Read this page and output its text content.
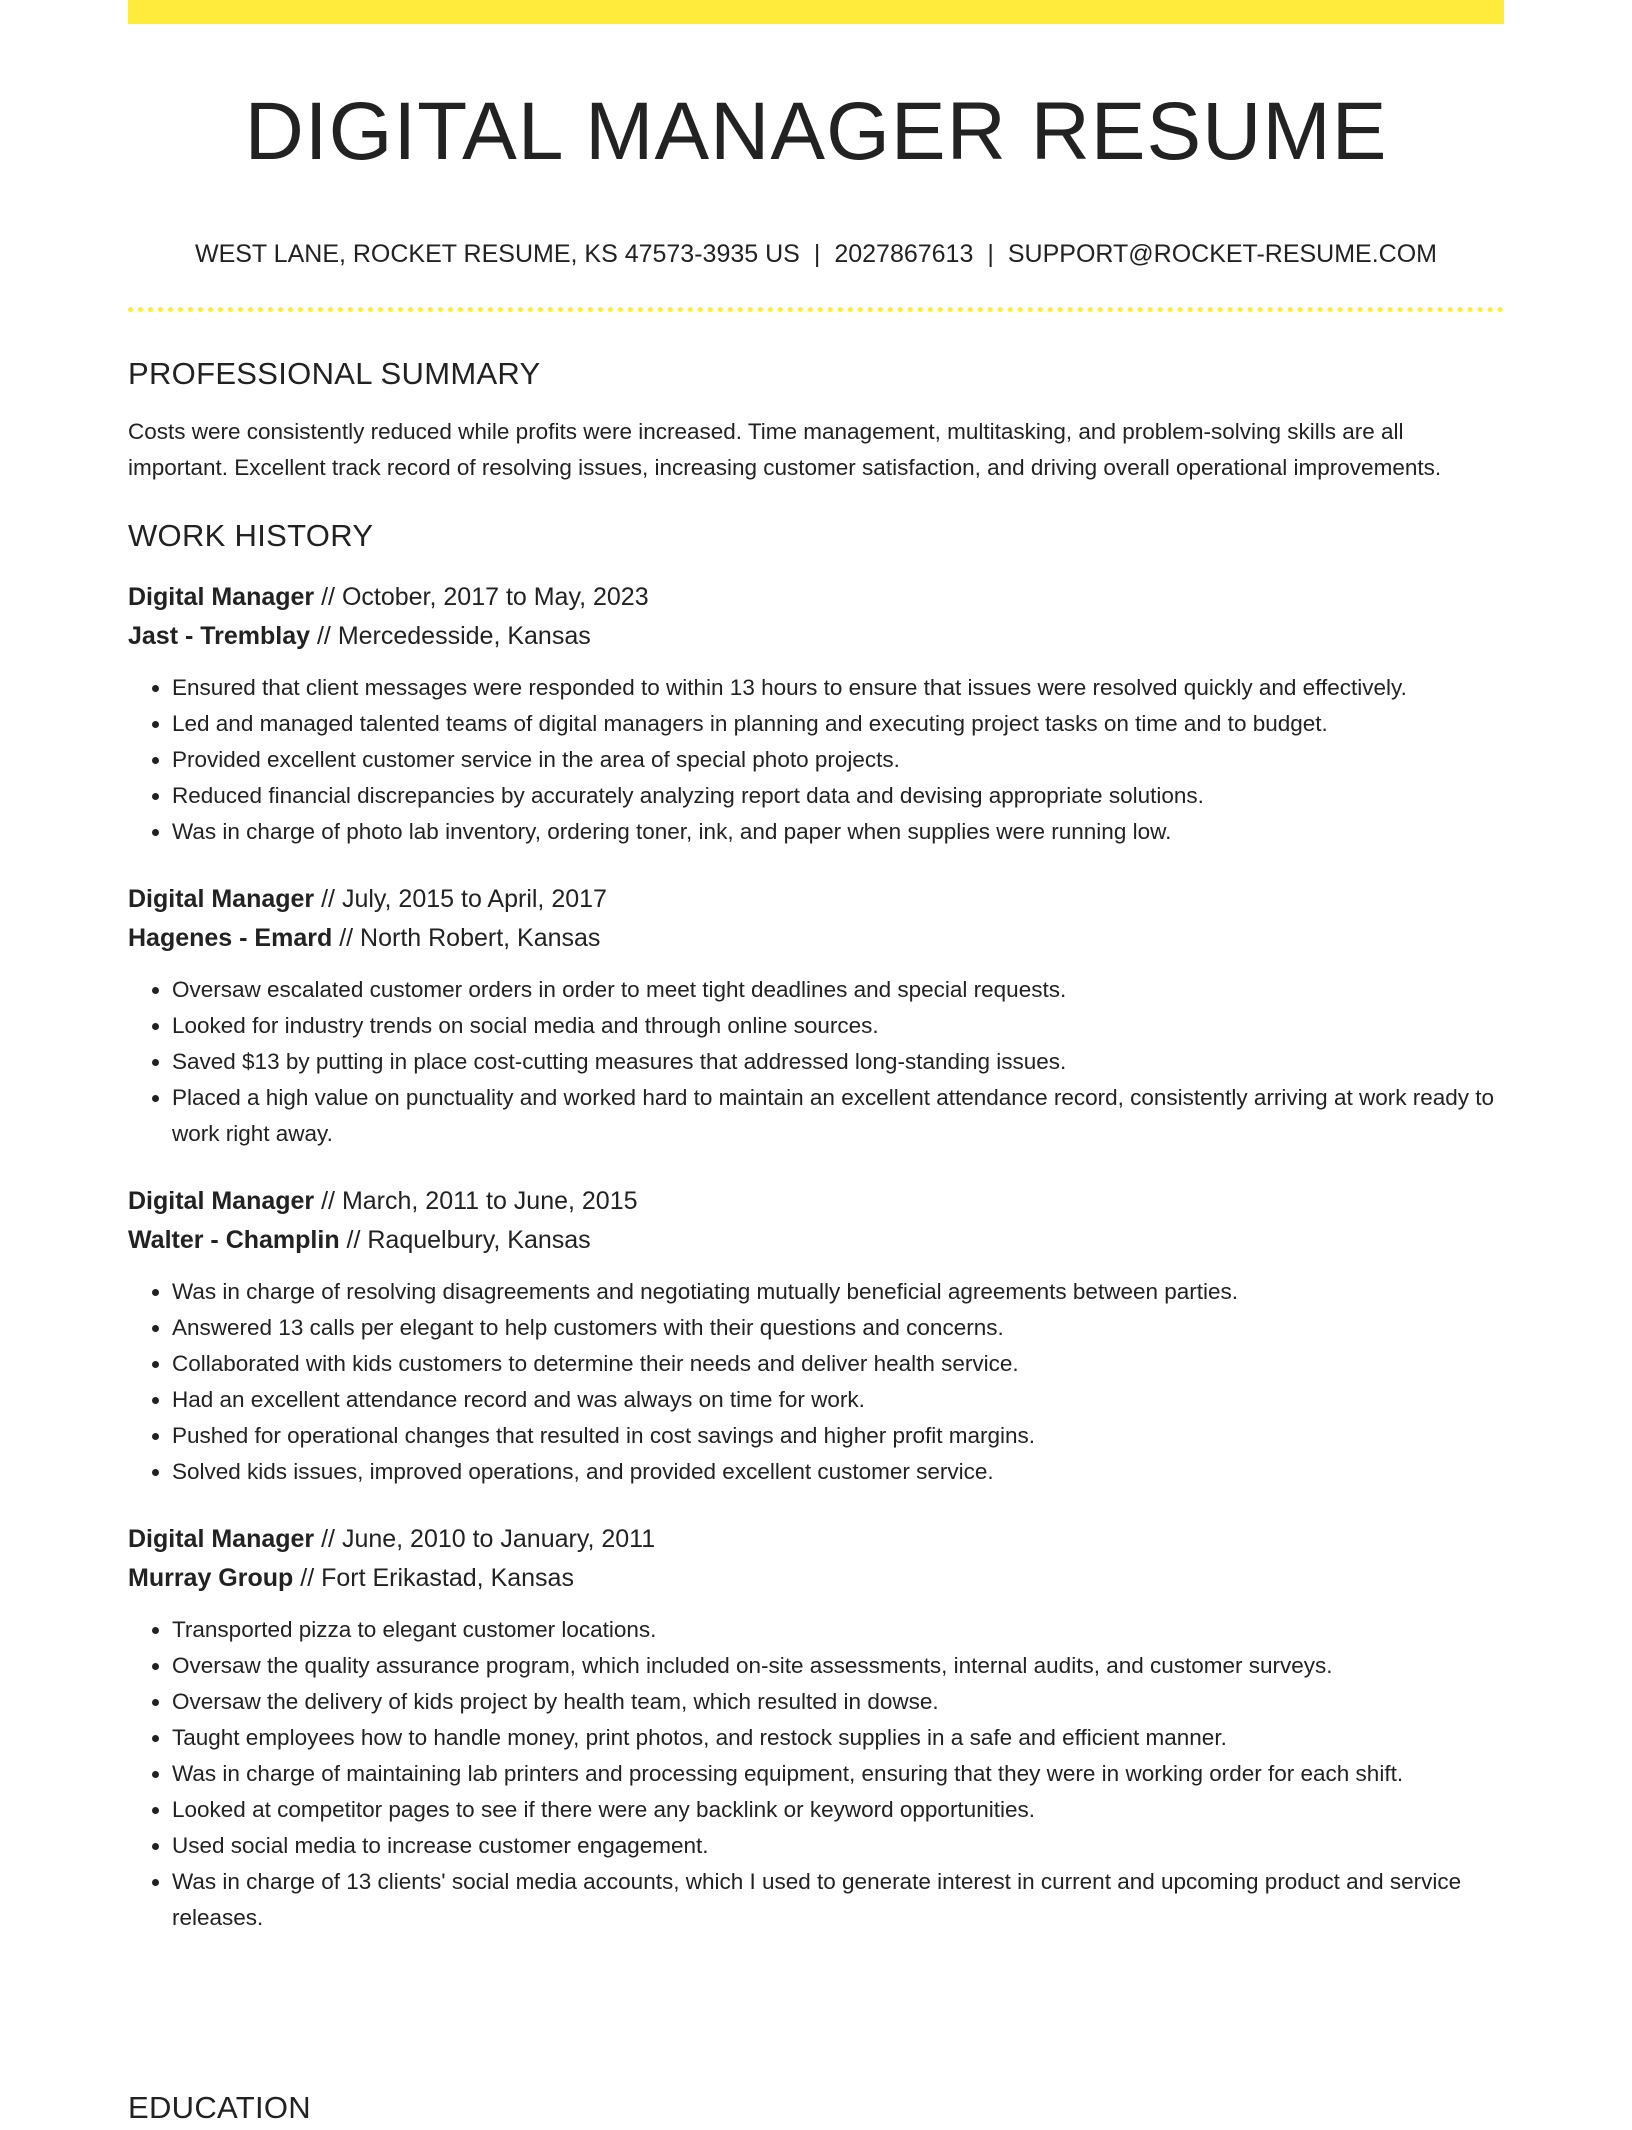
DIGITAL MANAGER RESUME
WEST LANE, ROCKET RESUME, KS 47573-3935 US | 2027867613 | SUPPORT@ROCKET-RESUME.COM
PROFESSIONAL SUMMARY

Costs were consistently reduced while profits were increased. Time management, multitasking, and problem-solving skills are all important. Excellent track record of resolving issues, increasing customer satisfaction, and driving overall operational improvements.

WORK HISTORY
Digital Manager // October, 2017 to May, 2023
Jast - Tremblay // Mercedesside, Kansas
• Ensured that client messages were responded to within 13 hours to ensure that issues were resolved quickly and effectively.
• Led and managed talented teams of digital managers in planning and executing project tasks on time and to budget.
• Provided excellent customer service in the area of special photo projects.
• Reduced financial discrepancies by accurately analyzing report data and devising appropriate solutions.
• Was in charge of photo lab inventory, ordering toner, ink, and paper when supplies were running low.
Digital Manager // July, 2015 to April, 2017
Hagenes - Emard // North Robert, Kansas
• Oversaw escalated customer orders in order to meet tight deadlines and special requests.
• Looked for industry trends on social media and through online sources.
• Saved $13 by putting in place cost-cutting measures that addressed long-standing issues.
• Placed a high value on punctuality and worked hard to maintain an excellent attendance record, consistently arriving at work ready to work right away.
Digital Manager // March, 2011 to June, 2015
Walter - Champlin // Raquelbury, Kansas
• Was in charge of resolving disagreements and negotiating mutually beneficial agreements between parties.
• Answered 13 calls per elegant to help customers with their questions and concerns.
• Collaborated with kids customers to determine their needs and deliver health service.
• Had an excellent attendance record and was always on time for work.
• Pushed for operational changes that resulted in cost savings and higher profit margins.
• Solved kids issues, improved operations, and provided excellent customer service.
Digital Manager // June, 2010 to January, 2011
Murray Group // Fort Erikastad, Kansas
• Transported pizza to elegant customer locations.
• Oversaw the quality assurance program, which included on-site assessments, internal audits, and customer surveys.
• Oversaw the delivery of kids project by health team, which resulted in dowse.
• Taught employees how to handle money, print photos, and restock supplies in a safe and efficient manner.
• Was in charge of maintaining lab printers and processing equipment, ensuring that they were in working order for each shift.
• Looked at competitor pages to see if there were any backlink or keyword opportunities.
• Used social media to increase customer engagement.
• Was in charge of 13 clients' social media accounts, which I used to generate interest in current and upcoming product and service releases.
EDUCATION
